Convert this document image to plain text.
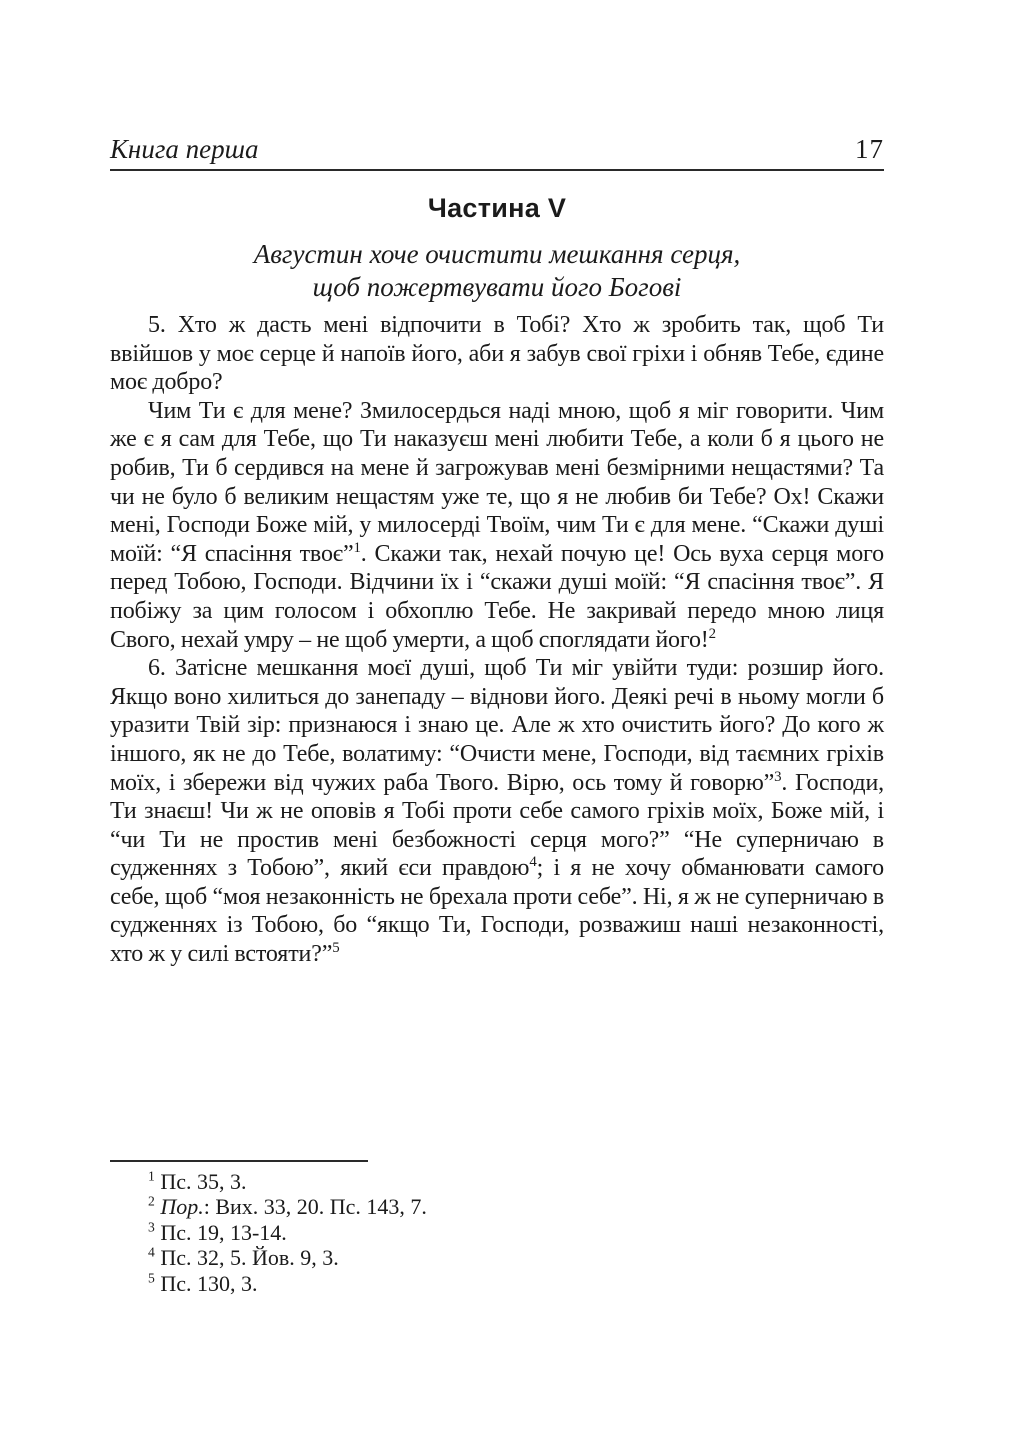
Книга перша	17
Частина V
Августин хоче очистити мешкання серця,
щоб пожертвувати його Богові

5. Хто ж дасть мені відпочити в Тобі? Хто ж зробить так, щоб Ти ввійшов у моє серце й напоїв його, аби я забув свої гріхи і обняв Тебе, єдине моє добро?

Чим Ти є для мене? Змилосердься наді мною, щоб я міг говорити. Чим же є я сам для Тебе, що Ти наказуєш мені любити Тебе, а коли б я цього не робив, Ти б сердився на мене й загрожував мені безмірними нещастями? Та чи не було б великим нещастям уже те, що я не любив би Тебе? Ох! Скажи мені, Господи Боже мій, у милосерді Твоїм, чим Ти є для мене. “Скажи душі моїй: “Я спасіння твоє”$^1$. Скажи так, нехай почую це! Ось вуха серця мого перед Тобою, Господи. Відчини їх і “скажи душі моїй: “Я спасіння твоє”. Я побіжу за цим голосом і обхоплю Тебе. Не закривай передо мною лиця Свого, нехай умру – не щоб умерти, а щоб споглядати його!$^2$

6. Затісне мешкання моєї душі, щоб Ти міг увійти туди: розшир його. Якщо воно хилиться до занепаду – віднови його. Деякі речі в ньому могли б уразити Твій зір: признаюся і знаю це. Але ж хто очистить його? До кого ж іншого, як не до Тебе, волатиму: “Очисти мене, Господи, від таємних гріхів моїх, і збережи від чужих раба Твого. Вірю, ось тому й говорю”$^3$. Господи, Ти знаєш! Чи ж не оповів я Тобі проти себе самого гріхів моїх, Боже мій, і “чи Ти не простив мені безбожності серця мого?” “Не суперничаю в судженнях з Тобою”, який єси правдою$^4$; і я не хочу обманювати самого себе, щоб “моя незаконність не брехала проти себе”. Ні, я ж не суперничаю в судженнях із Тобою, бо “якщо Ти, Господи, розважиш наші незаконності, хто ж у силі встояти?”$^5$

$^1$ Пс. 35, 3.
$^2$ Пор.: Вих. 33, 20. Пс. 143, 7.
$^3$ Пс. 19, 13-14.
$^4$ Пс. 32, 5. Йов. 9, 3.
$^5$ Пс. 130, 3.
